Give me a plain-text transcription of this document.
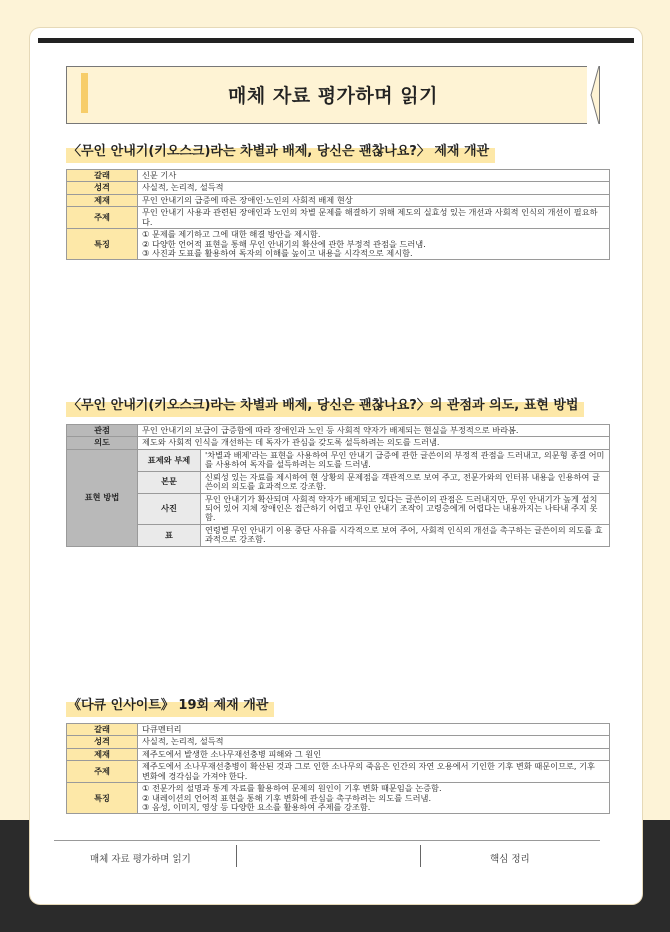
매체 자료 평가하며 읽기
〈무인 안내기(키오스크)라는 차별과 배제, 당신은 괜찮나요?〉 제재 개관
갈래	신문 기사
성격	사실적, 논리적, 설득적
제재	무인 안내기의 급증에 따른 장애인·노인의 사회적 배제 현상
주제	무인 안내기 사용과 관련된 장애인과 노인의 차별 문제를 해결하기 위해 제도의 실효성 있는 개선과 사회적 인식의 개선이 필요하다.
특징	① 문제를 제기하고 그에 대한 해결 방안을 제시함.
② 다양한 언어적 표현을 통해 무인 안내기의 확산에 관한 부정적 관점을 드러냄.
③ 사진과 도표를 활용하여 독자의 이해를 높이고 내용을 시각적으로 제시함.
〈무인 안내기(키오스크)라는 차별과 배제, 당신은 괜찮나요?〉의 관점과 의도, 표현 방법
관점	무인 안내기의 보급이 급증함에 따라 장애인과 노인 등 사회적 약자가 배제되는 현실을 부정적으로 바라봄.	
의도	제도와 사회적 인식을 개선하는 데 독자가 관심을 갖도록 설득하려는 의도를 드러냄.	
표현 방법	표제와 부제	'차별과 배제'라는 표현을 사용하여 무인 안내기 급증에 관한 글쓴이의 부정적 관점을 드러내고, 의문형 종결 어미를 사용하여 독자를 설득하려는 의도를 드러냄.
	본문	신뢰성 있는 자료를 제시하여 현 상황의 문제점을 객관적으로 보여 주고, 전문가와의 인터뷰 내용을 인용하여 글쓴이의 의도를 효과적으로 강조함.
	사진	무인 안내기가 확산되며 사회적 약자가 배제되고 있다는 글쓴이의 관점은 드러내지만, 무인 안내기가 높게 설치되어 있어 지체 장애인은 접근하기 어렵고 무인 안내기 조작이 고령층에게 어렵다는 내용까지는 나타내 주지 못함.
	표	연령별 무인 안내기 이용 중단 사유를 시각적으로 보여 주어, 사회적 인식의 개선을 촉구하는 글쓴이의 의도를 효과적으로 강조함.
《다큐 인사이트》 19회 제재 개관
갈래	다큐멘터리
성격	사실적, 논리적, 설득적
제재	제주도에서 발생한 소나무재선충병 피해와 그 원인
주제	제주도에서 소나무재선충병이 확산된 것과 그로 인한 소나무의 죽음은 인간의 자연 오용에서 기인한 기후 변화 때문이므로, 기후 변화에 경각심을 가져야 한다.
특징	① 전문가의 설명과 통계 자료를 활용하여 문제의 원인이 기후 변화 때문임을 논증함.
② 내레이션의 언어적 표현을 통해 기후 변화에 관심을 촉구하려는 의도를 드러냄.
③ 음성, 이미지, 영상 등 다양한 요소를 활용하여 주제를 강조함.
매체 자료 평가하며 읽기	핵심 정리
